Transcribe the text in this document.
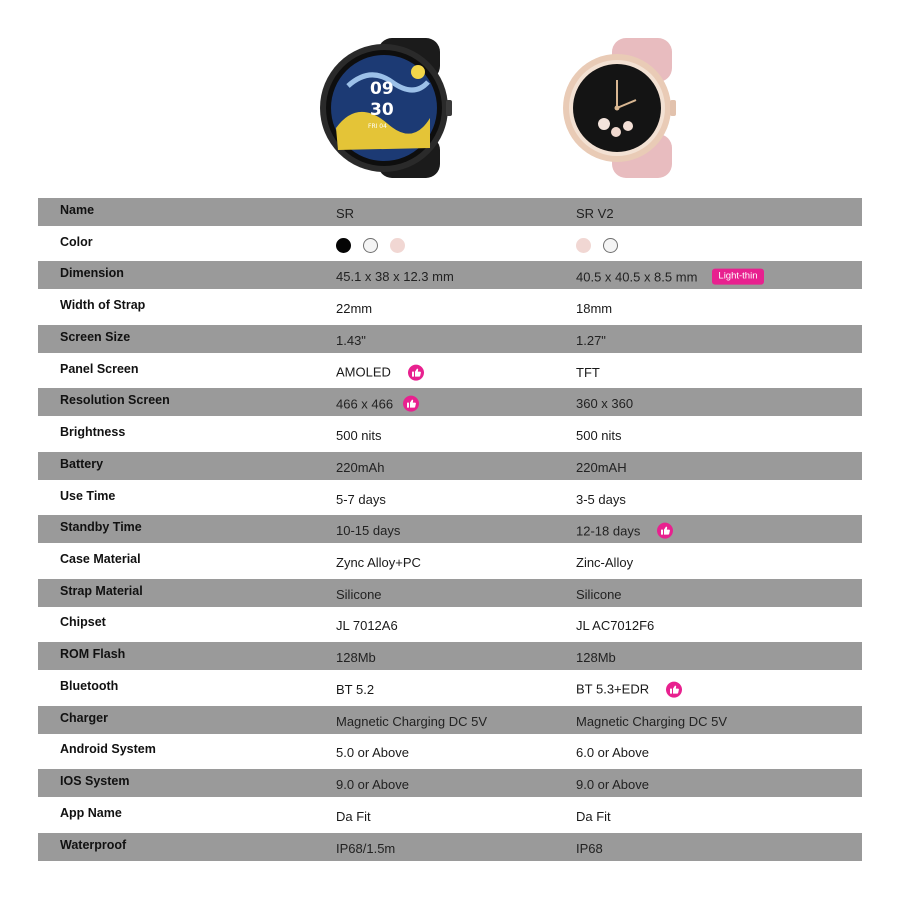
09
30
FRI 04
Name	SR	SR V2
Color
Dimension	45.1 x 38 x 12.3 mm	40.5 x 40.5 x 8.5 mm	Light-thin
Width of Strap	22mm	18mm
Screen Size	1.43"	1.27"
Panel Screen	AMOLED	TFT
Resolution Screen	466 x 466	360 x 360
Brightness	500 nits	500 nits
Battery	220mAh	220mAH
Use Time	5-7 days	3-5 days
Standby Time	10-15 days	12-18 days
Case Material	Zync Alloy+PC	Zinc-Alloy
Strap Material	Silicone	Silicone
Chipset	JL 7012A6	JL AC7012F6
ROM Flash	128Mb	128Mb
Bluetooth	BT 5.2	BT 5.3+EDR
Charger	Magnetic Charging DC 5V	Magnetic Charging DC 5V
Android System	5.0 or Above	6.0 or Above
IOS System	9.0 or Above	9.0 or Above
App Name	Da Fit	Da Fit
Waterproof	IP68/1.5m	IP68
